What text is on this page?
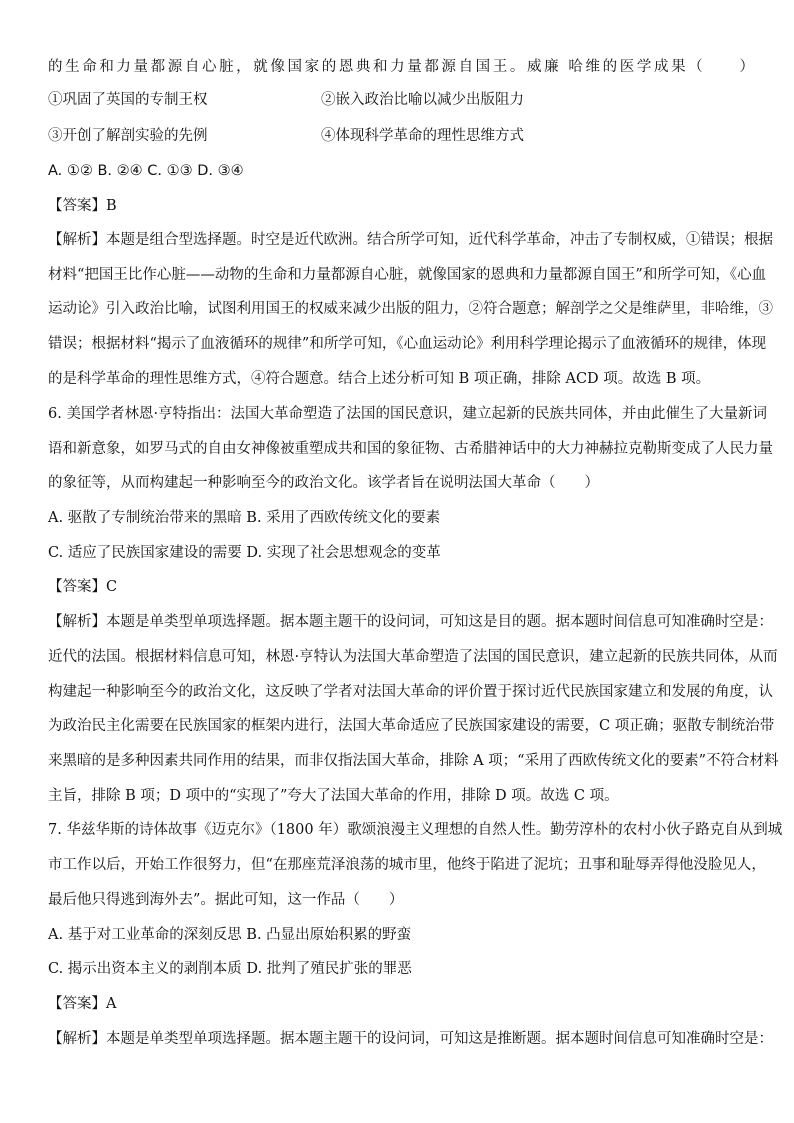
的生命和力量都源自心脏，就像国家的恩典和力量都源自国王。威廉 哈维的医学成果（　　）
①巩固了英国的专制王权	②嵌入政治比喻以减少出版阻力
③开创了解剖实验的先例	④体现科学革命的理性思维方式
A. ①② B. ②④ C. ①③ D. ③④
【答案】B
【解析】本题是组合型选择题。时空是近代欧洲。结合所学可知，近代科学革命，冲击了专制权威，①错误；根据
材料“把国王比作心脏——动物的生命和力量都源自心脏，就像国家的恩典和力量都源自国王”和所学可知，《心血
运动论》引入政治比喻，试图利用国王的权威来减少出版的阻力，②符合题意；解剖学之父是维萨里，非哈维，③
错误；根据材料“揭示了血液循环的规律”和所学可知，《心血运动论》利用科学理论揭示了血液循环的规律，体现
的是科学革命的理性思维方式，④符合题意。结合上述分析可知 B 项正确，排除 ACD 项。故选 B 项。
6. 美国学者林恩·亨特指出：法国大革命塑造了法国的国民意识，建立起新的民族共同体，并由此催生了大量新词
语和新意象，如罗马式的自由女神像被重塑成共和国的象征物、古希腊神话中的大力神赫拉克勒斯变成了人民力量
的象征等，从而构建起一种影响至今的政治文化。该学者旨在说明法国大革命（　　）
A. 驱散了专制统治带来的黑暗 B. 采用了西欧传统文化的要素
C. 适应了民族国家建设的需要 D. 实现了社会思想观念的变革
【答案】C
【解析】本题是单类型单项选择题。据本题主题干的设问词，可知这是目的题。据本题时间信息可知准确时空是：
近代的法国。根据材料信息可知，林恩·亨特认为法国大革命塑造了法国的国民意识，建立起新的民族共同体，从而
构建起一种影响至今的政治文化，这反映了学者对法国大革命的评价置于探讨近代民族国家建立和发展的角度，认
为政治民主化需要在民族国家的框架内进行，法国大革命适应了民族国家建设的需要，C 项正确；驱散专制统治带
来黑暗的是多种因素共同作用的结果，而非仅指法国大革命，排除 A 项；“采用了西欧传统文化的要素”不符合材料
主旨，排除 B 项；D 项中的“实现了”夸大了法国大革命的作用，排除 D 项。故选 C 项。
7. 华兹华斯的诗体故事《迈克尔》（1800 年）歌颂浪漫主义理想的自然人性。勤劳淳朴的农村小伙子路克自从到城
市工作以后，开始工作很努力，但“在那座荒泽浪荡的城市里，他终于陷进了泥坑；丑事和耻辱弄得他没脸见人，
最后他只得逃到海外去”。据此可知，这一作品（　　）
A. 基于对工业革命的深刻反思 B. 凸显出原始积累的野蛮
C. 揭示出资本主义的剥削本质 D. 批判了殖民扩张的罪恶
【答案】A
【解析】本题是单类型单项选择题。据本题主题干的设问词，可知这是推断题。据本题时间信息可知准确时空是：
